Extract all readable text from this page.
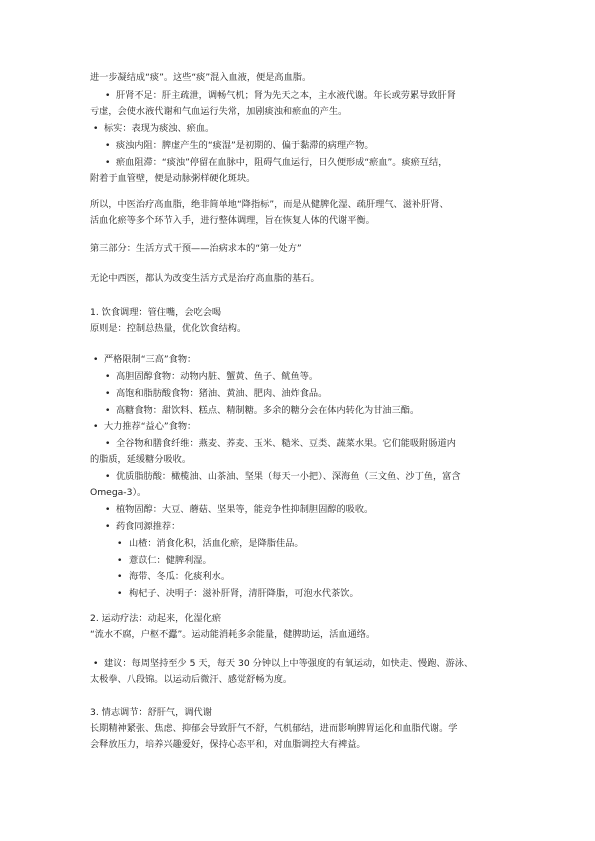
进一步凝结成“痰”。这些“痰”混入血液，便是高血脂。
• 肝肾不足：肝主疏泄，调畅气机；肾为先天之本，主水液代谢。年长或劳累导致肝肾
亏虚，会使水液代谢和气血运行失常，加剧痰浊和瘀血的产生。
• 标实：表现为痰浊、瘀血。
• 痰浊内阻：脾虚产生的“痰湿”是初期的、偏于黏滞的病理产物。
• 瘀血阻滞：“痰浊”停留在血脉中，阻碍气血运行，日久便形成“瘀血”。痰瘀互结，
附着于血管壁，便是动脉粥样硬化斑块。
所以，中医治疗高血脂，绝非简单地“降指标”，而是从健脾化湿、疏肝理气、滋补肝肾、
活血化瘀等多个环节入手，进行整体调理，旨在恢复人体的代谢平衡。
第三部分：生活方式干预——治病求本的“第一处方”
无论中西医，都认为改变生活方式是治疗高血脂的基石。
1. 饮食调理：管住嘴，会吃会喝
原则是：控制总热量，优化饮食结构。
• 严格限制“三高”食物：
• 高胆固醇食物：动物内脏、蟹黄、鱼子、鱿鱼等。
• 高饱和脂肪酸食物：猪油、黄油、肥肉、油炸食品。
• 高糖食物：甜饮料、糕点、精制糖。多余的糖分会在体内转化为甘油三酯。
• 大力推荐“益心”食物：
• 全谷物和膳食纤维：燕麦、荞麦、玉米、糙米、豆类、蔬菜水果。它们能吸附肠道内
的脂质，延缓糖分吸收。
• 优质脂肪酸：橄榄油、山茶油、坚果（每天一小把）、深海鱼（三文鱼、沙丁鱼，富含
Omega-3）。
• 植物固醇：大豆、蘑菇、坚果等，能竞争性抑制胆固醇的吸收。
• 药食同源推荐：
• 山楂：消食化积，活血化瘀，是降脂佳品。
• 薏苡仁：健脾利湿。
• 海带、冬瓜：化痰利水。
• 枸杞子、决明子：滋补肝肾，清肝降脂，可泡水代茶饮。
2. 运动疗法：动起来，化湿化瘀
“流水不腐，户枢不蠹”。运动能消耗多余能量，健脾助运，活血通络。
• 建议：每周坚持至少 5 天，每天 30 分钟以上中等强度的有氧运动，如快走、慢跑、游泳、
太极拳、八段锦。以运动后微汗、感觉舒畅为度。
3. 情志调节：舒肝气，调代谢
长期精神紧张、焦虑、抑郁会导致肝气不舒，气机郁结，进而影响脾胃运化和血脂代谢。学
会释放压力，培养兴趣爱好，保持心态平和，对血脂调控大有裨益。
